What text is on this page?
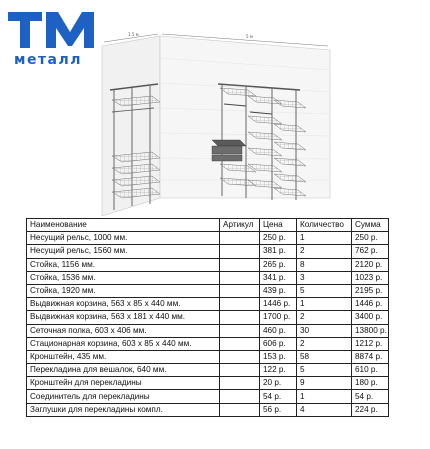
металл
1.5 м	5 м
Наименование	Артикул	Цена	Количество	Сумма
Несущий рельс, 1000 мм.		250 р.	1	250 р.
Несущий рельс, 1560 мм.		381 р.	2	762 р.
Стойка, 1156 мм.		265 р.	8	2120 р.
Стойка, 1536 мм.		341 р.	3	1023 р.
Стойка, 1920 мм.		439 р.	5	2195 р.
Выдвижная корзина, 563 x 85 x 440 мм.		1446 р.	1	1446 р.
Выдвижная корзина, 563 x 181 x 440 мм.		1700 р.	2	3400 р.
Сеточная полка, 603 x 406 мм.		460 р.	30	13800 р.
Стационарная корзина, 603 x 85 x 440 мм.		606 р.	2	1212 р.
Кронштейн, 435 мм.		153 р.	58	8874 р.
Перекладина для вешалок, 640 мм.		122 р.	5	610 р.
Кронштейн для перекладины		20 р.	9	180 р.
Соединитель для перекладины		54 р.	1	54 р.
Заглушки для перекладины компл.		56 р.	4	224 р.
